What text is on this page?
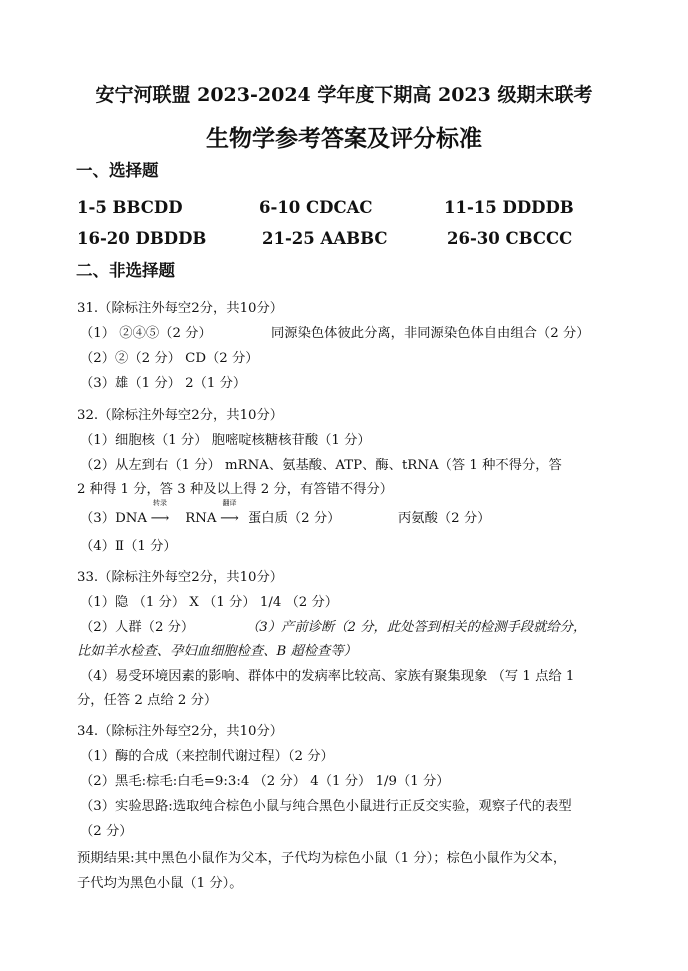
安宁河联盟 2023-2024 学年度下期高 2023 级期末联考
生物学参考答案及评分标准
一、选择题
1-5 BBCDD	6-10 CDCAC	11-15 DDDDB
16-20 DBDDB	21-25 AABBC	26-30 CBCCC
二、非选择题
31.（除标注外每空2分，共10分）
（1） ②④⑤（2 分）	同源染色体彼此分离，非同源染色体自由组合（2 分）
（2）②（2 分） CD（2 分）
（3）雄（1 分） 2（1 分）
32.（除标注外每空2分，共10分）
（1）细胞核（1 分） 胞嘧啶核糖核苷酸（1 分）
（2）从左到右（1 分） mRNA、氨基酸、ATP、酶、tRNA（答 1 种不得分，答
2 种得 1 分，答 3 种及以上得 2 分，有答错不得分）
（3）DNA
转录
⟶ RNA
翻译
⟶ 蛋白质（2 分）	丙氨酸（2 分）
（4）Ⅱ（1 分）
33.（除标注外每空2分，共10分）
（1）隐 （1 分） X （1 分） 1/4 （2 分）
（2）人群（2 分）	（3）产前诊断（2 分，此处答到相关的检测手段就给分，
比如羊水检查、孕妇血细胞检查、B 超检查等）
（4）易受环境因素的影响、群体中的发病率比较高、家族有聚集现象 （写 1 点给 1
分，任答 2 点给 2 分）
34.（除标注外每空2分，共10分）
（1）酶的合成（来控制代谢过程）（2 分）
（2）黑毛:棕毛:白毛=9:3:4 （2 分） 4（1 分） 1/9（1 分）
（3）实验思路:选取纯合棕色小鼠与纯合黑色小鼠进行正反交实验，观察子代的表型
（2 分）
预期结果:其中黑色小鼠作为父本，子代均为棕色小鼠（1 分）；棕色小鼠作为父本，
子代均为黑色小鼠（1 分）。
